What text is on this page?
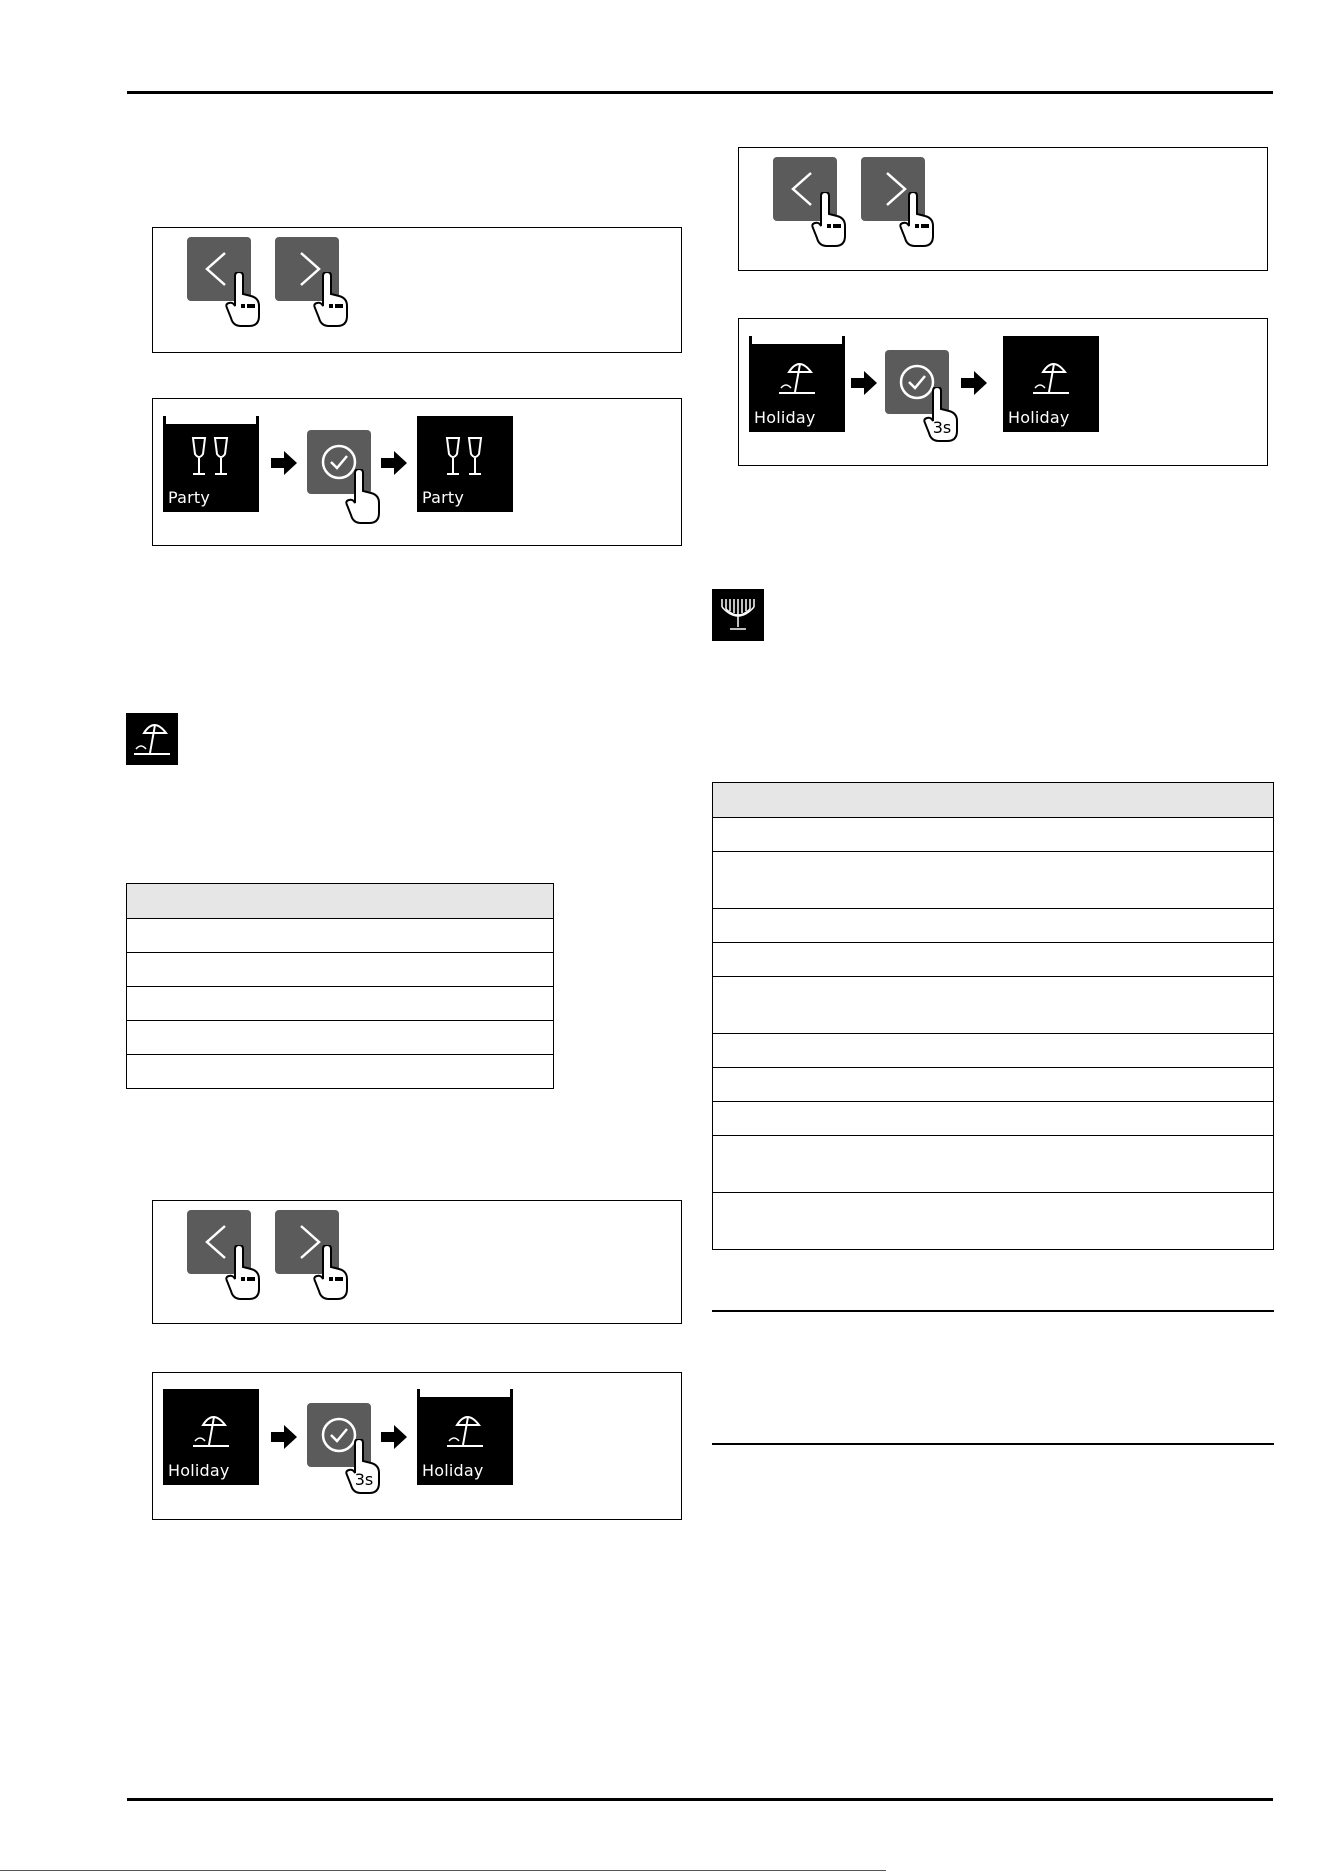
Party	Party

Holiday	3s	Holiday
Holiday
3s
Holiday
